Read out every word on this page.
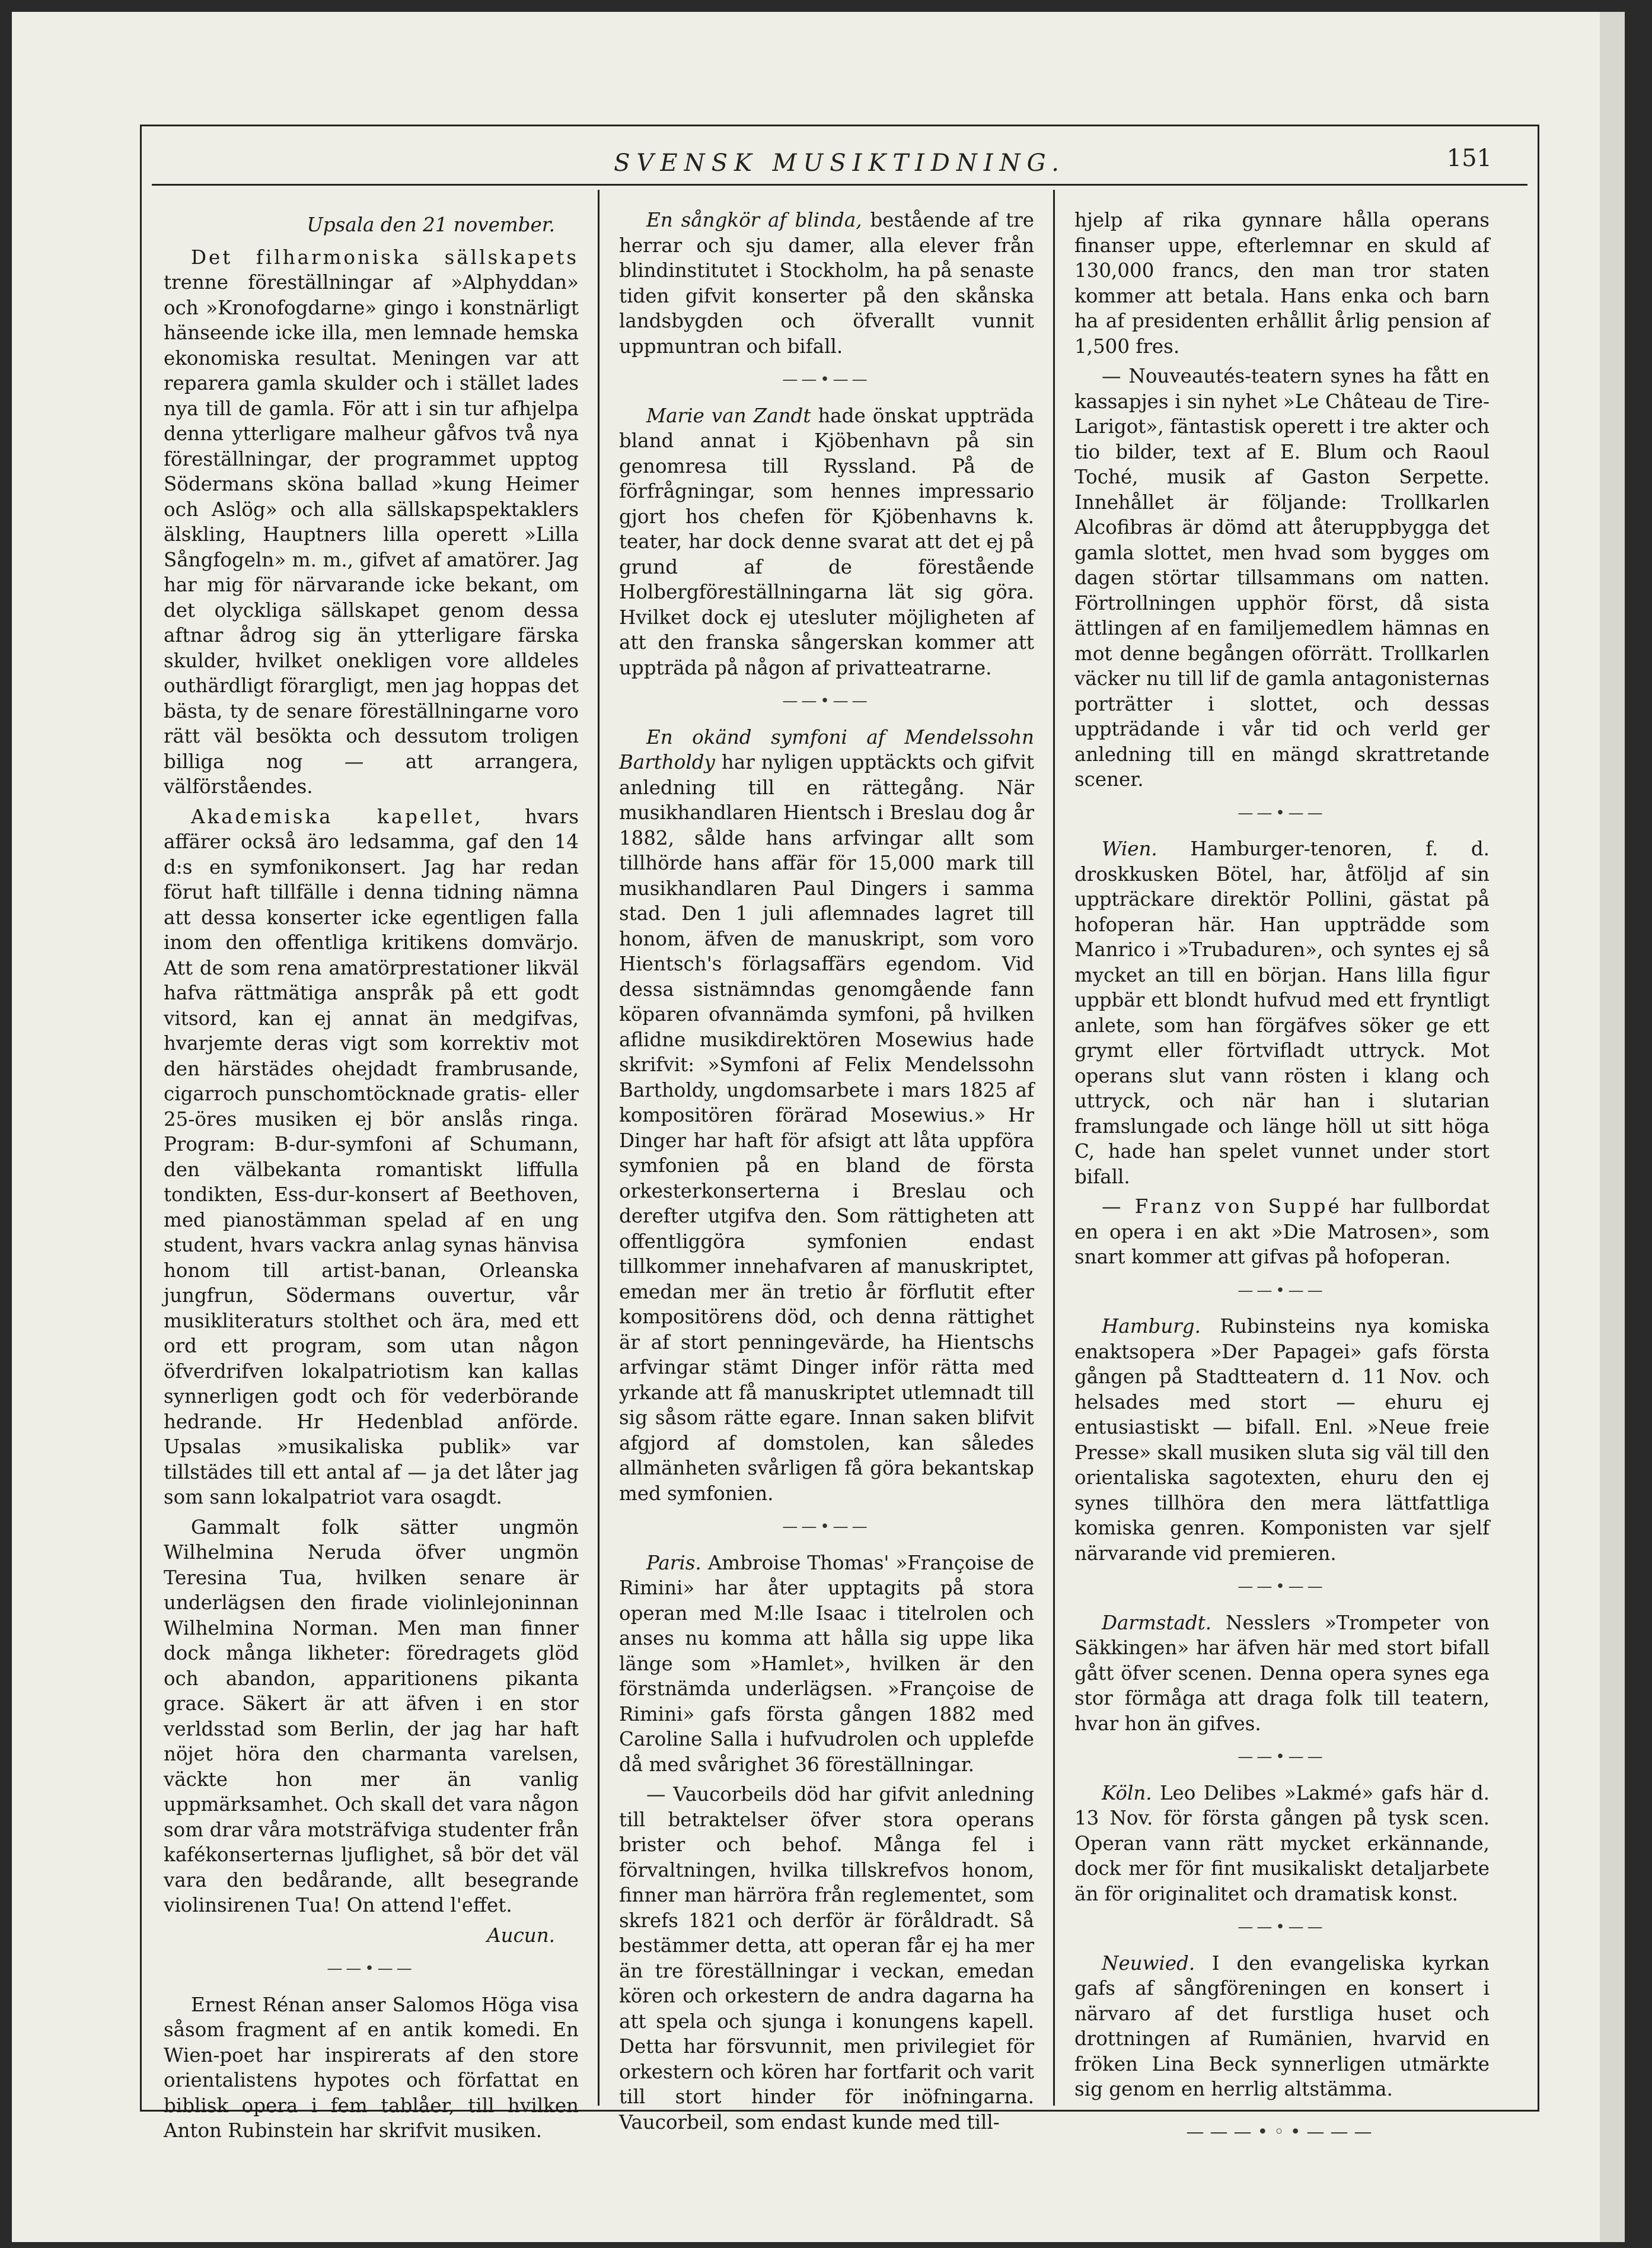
SVENSK MUSIKTIDNING.	151
Upsala den 21 november.

Det filharmoniska sällskapets trenne föreställningar af »Alphyddan» och »Kronofogdarne» gingo i konstnärligt hänseende icke illa, men lemnade hemska ekonomiska resultat. Meningen var att reparera gamla skulder och i stället lades nya till de gamla. För att i sin tur afhjelpa denna ytterligare malheur gåfvos två nya föreställningar, der programmet upptog Södermans sköna ballad »kung Heimer och Aslög» och alla sällskapspektaklers älskling, Hauptners lilla operett »Lilla Sångfogeln» m. m., gifvet af amatörer. Jag har mig för närvarande icke bekant, om det olyckliga sällskapet genom dessa aftnar ådrog sig än ytterligare färska skulder, hvilket onekligen vore alldeles outhärdligt förargligt, men jag hoppas det bästa, ty de senare föreställningarne voro rätt väl besökta och dessutom troligen billiga nog — att arrangera, välförståendes.

Akademiska kapellet, hvars affärer också äro ledsamma, gaf den 14 d:s en symfonikonsert. Jag har redan förut haft tillfälle i denna tidning nämna att dessa konserter icke egentligen falla inom den offentliga kritikens domvärjo. Att de som rena amatörprestationer likväl hafva rättmätiga anspråk på ett godt vitsord, kan ej annat än medgifvas, hvarjemte deras vigt som korrektiv mot den härstädes ohejdadt frambrusande, cigarroch punschomtöcknade gratis- eller 25-öres musiken ej bör anslås ringa. Program: B-dur-symfoni af Schumann, den välbekanta romantiskt liffulla tondikten, Ess-dur-konsert af Beethoven, med pianostämman spelad af en ung student, hvars vackra anlag synas hänvisa honom till artist-banan, Orleanska jungfrun, Södermans ouvertur, vår musikliteraturs stolthet och ära, med ett ord ett program, som utan någon öfverdrifven lokalpatriotism kan kallas synnerligen godt och för vederbörande hedrande. Hr Hedenblad anförde. Upsalas »musikaliska publik» var tillstädes till ett antal af — ja det låter jag som sann lokalpatriot vara osagdt.

Gammalt folk sätter ungmön Wilhelmina Neruda öfver ungmön Teresina Tua, hvilken senare är underlägsen den firade violinlejoninnan Wilhelmina Norman. Men man finner dock många likheter: föredragets glöd och abandon, apparitionens pikanta grace. Säkert är att äfven i en stor verldsstad som Berlin, der jag har haft nöjet höra den charmanta varelsen, väckte hon mer än vanlig uppmärksamhet. Och skall det vara någon som drar våra motsträfviga studenter från kafékonserternas ljuflighet, så bör det väl vara den bedårande, allt besegrande violinsirenen Tua! On attend l'effet.

Aucun.
——•——

Ernest Rénan anser Salomos Höga visa såsom fragment af en antik komedi. En Wien-poet har inspirerats af den store orientalistens hypotes och författat en biblisk opera i fem tablåer, till hvilken Anton Rubinstein har skrifvit musiken.

En sångkör af blinda, bestående af tre herrar och sju damer, alla elever från blindinstitutet i Stockholm, ha på senaste tiden gifvit konserter på den skånska landsbygden och öfverallt vunnit uppmuntran och bifall.

——•——

Marie van Zandt hade önskat uppträda bland annat i Kjöbenhavn på sin genomresa till Ryssland. På de förfrågningar, som hennes impressario gjort hos chefen för Kjöbenhavns k. teater, har dock denne svarat att det ej på grund af de förestående Holbergföreställningarna lät sig göra. Hvilket dock ej utesluter möjligheten af att den franska sångerskan kommer att uppträda på någon af privatteatrarne.

——•——

En okänd symfoni af Mendelssohn Bartholdy har nyligen upptäckts och gifvit anledning till en rättegång. När musikhandlaren Hientsch i Breslau dog år 1882, sålde hans arfvingar allt som tillhörde hans affär för 15,000 mark till musikhandlaren Paul Dingers i samma stad. Den 1 juli aflemnades lagret till honom, äfven de manuskript, som voro Hientsch's förlagsaffärs egendom. Vid dessa sistnämndas genomgående fann köparen ofvannämda symfoni, på hvilken aflidne musikdirektören Mosewius hade skrifvit: »Symfoni af Felix Mendelssohn Bartholdy, ungdomsarbete i mars 1825 af kompositören förärad Mosewius.» Hr Dinger har haft för afsigt att låta uppföra symfonien på en bland de första orkesterkonserterna i Breslau och derefter utgifva den. Som rättigheten att offentliggöra symfonien endast tillkommer innehafvaren af manuskriptet, emedan mer än tretio år förflutit efter kompositörens död, och denna rättighet är af stort penningevärde, ha Hientschs arfvingar stämt Dinger inför rätta med yrkande att få manuskriptet utlemnadt till sig såsom rätte egare. Innan saken blifvit afgjord af domstolen, kan således allmänheten svårligen få göra bekantskap med symfonien.

——•——

Paris. Ambroise Thomas' »Françoise de Rimini» har åter upptagits på stora operan med M:lle Isaac i titelrolen och anses nu komma att hålla sig uppe lika länge som »Hamlet», hvilken är den förstnämda underlägsen. »Françoise de Rimini» gafs första gången 1882 med Caroline Salla i hufvudrolen och upplefde då med svårighet 36 föreställningar.

— Vaucorbeils död har gifvit anledning till betraktelser öfver stora operans brister och behof. Många fel i förvaltningen, hvilka tillskrefvos honom, finner man härröra från reglementet, som skrefs 1821 och derför är föråldradt. Så bestämmer detta, att operan får ej ha mer än tre föreställningar i veckan, emedan kören och orkestern de andra dagarna ha att spela och sjunga i konungens kapell. Detta har försvunnit, men privilegiet för orkestern och kören har fortfarit och varit till stort hinder för inöfningarna. Vaucorbeil, som endast kunde med till-

hjelp af rika gynnare hålla operans finanser uppe, efterlemnar en skuld af 130,000 francs, den man tror staten kommer att betala. Hans enka och barn ha af presidenten erhållit årlig pension af 1,500 fres.

— Nouveautés-teatern synes ha fått en kassapjes i sin nyhet »Le Château de Tire-Larigot», fäntastisk operett i tre akter och tio bilder, text af E. Blum och Raoul Toché, musik af Gaston Serpette. Innehållet är följande: Trollkarlen Alcofibras är dömd att återuppbygga det gamla slottet, men hvad som bygges om dagen störtar tillsammans om natten. Förtrollningen upphör först, då sista ättlingen af en familjemedlem hämnas en mot denne begången oförrätt. Trollkarlen väcker nu till lif de gamla antagonisternas porträtter i slottet, och dessas uppträdande i vår tid och verld ger anledning till en mängd skrattretande scener.

——•——

Wien. Hamburger-tenoren, f. d. droskkusken Bötel, har, åtföljd af sin uppträckare direktör Pollini, gästat på hofoperan här. Han uppträdde som Manrico i »Trubaduren», och syntes ej så mycket an till en början. Hans lilla figur uppbär ett blondt hufvud med ett fryntligt anlete, som han förgäfves söker ge ett grymt eller förtvifladt uttryck. Mot operans slut vann rösten i klang och uttryck, och när han i slutarian framslungade och länge höll ut sitt höga C, hade han spelet vunnet under stort bifall.

— Franz von Suppé har fullbordat en opera i en akt »Die Matrosen», som snart kommer att gifvas på hofoperan.

——•——

Hamburg. Rubinsteins nya komiska enaktsopera »Der Papagei» gafs första gången på Stadtteatern d. 11 Nov. och helsades med stort — ehuru ej entusiastiskt — bifall. Enl. »Neue freie Presse» skall musiken sluta sig väl till den orientaliska sagotexten, ehuru den ej synes tillhöra den mera lättfattliga komiska genren. Komponisten var sjelf närvarande vid premieren.

——•——

Darmstadt. Nesslers »Trompeter von Säkkingen» har äfven här med stort bifall gått öfver scenen. Denna opera synes ega stor förmåga att draga folk till teatern, hvar hon än gifves.

——•——

Köln. Leo Delibes »Lakmé» gafs här d. 13 Nov. för första gången på tysk scen. Operan vann rätt mycket erkännande, dock mer för fint musikaliskt detaljarbete än för originalitet och dramatisk konst.

——•——

Neuwied. I den evangeliska kyrkan gafs af sångföreningen en konsert i närvaro af det furstliga huset och drottningen af Rumänien, hvarvid en fröken Lina Beck synnerligen utmärkte sig genom en herrlig altstämma.

———•◦•———
